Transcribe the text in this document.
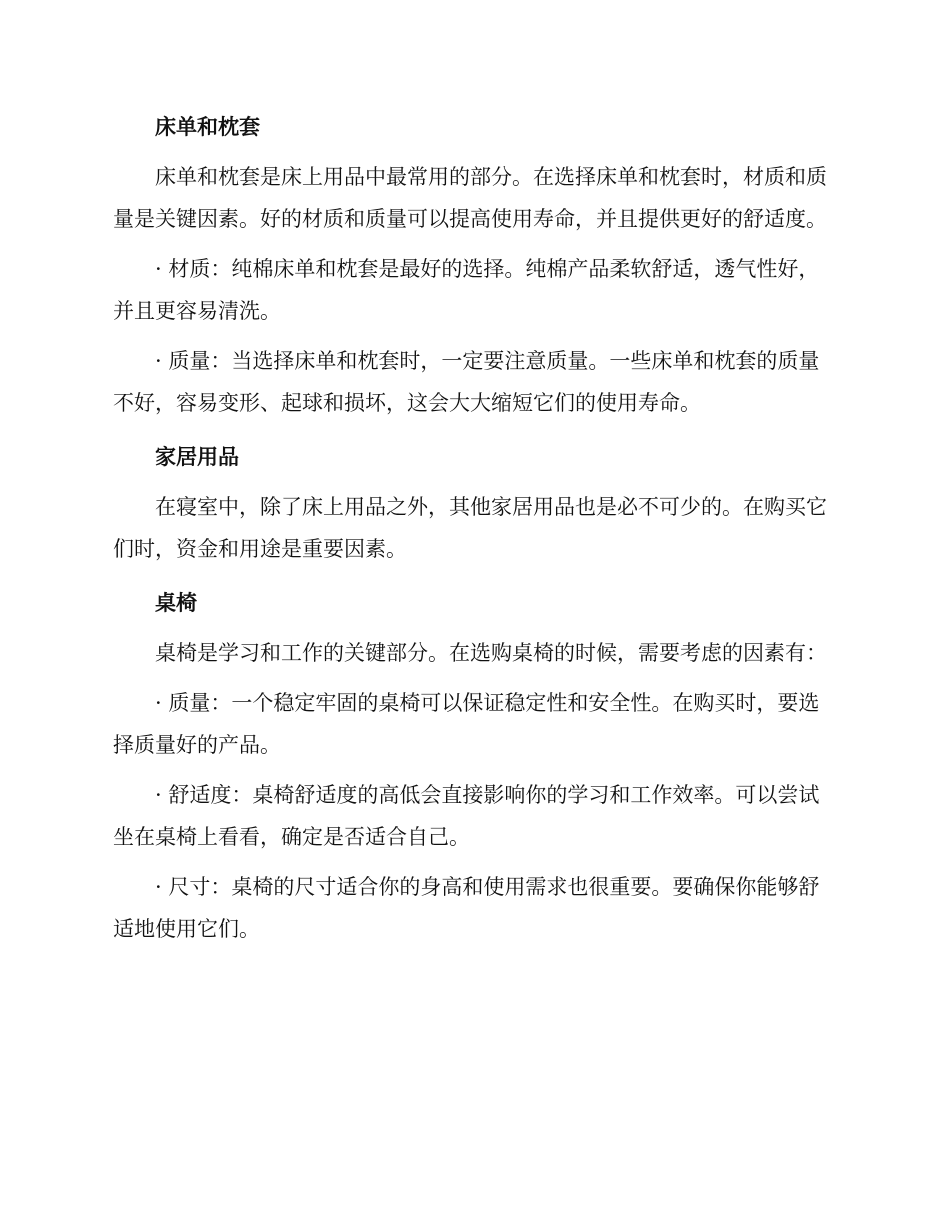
床单和枕套

床单和枕套是床上用品中最常用的部分。在选择床单和枕套时，材质和质量是关键因素。好的材质和质量可以提高使用寿命，并且提供更好的舒适度。

· 材质：纯棉床单和枕套是最好的选择。纯棉产品柔软舒适，透气性好，并且更容易清洗。

· 质量：当选择床单和枕套时，一定要注意质量。一些床单和枕套的质量不好，容易变形、起球和损坏，这会大大缩短它们的使用寿命。

家居用品

在寝室中，除了床上用品之外，其他家居用品也是必不可少的。在购买它们时，资金和用途是重要因素。

桌椅

桌椅是学习和工作的关键部分。在选购桌椅的时候，需要考虑的因素有：

· 质量：一个稳定牢固的桌椅可以保证稳定性和安全性。在购买时，要选择质量好的产品。

· 舒适度：桌椅舒适度的高低会直接影响你的学习和工作效率。可以尝试坐在桌椅上看看，确定是否适合自己。

· 尺寸：桌椅的尺寸适合你的身高和使用需求也很重要。要确保你能够舒适地使用它们。
